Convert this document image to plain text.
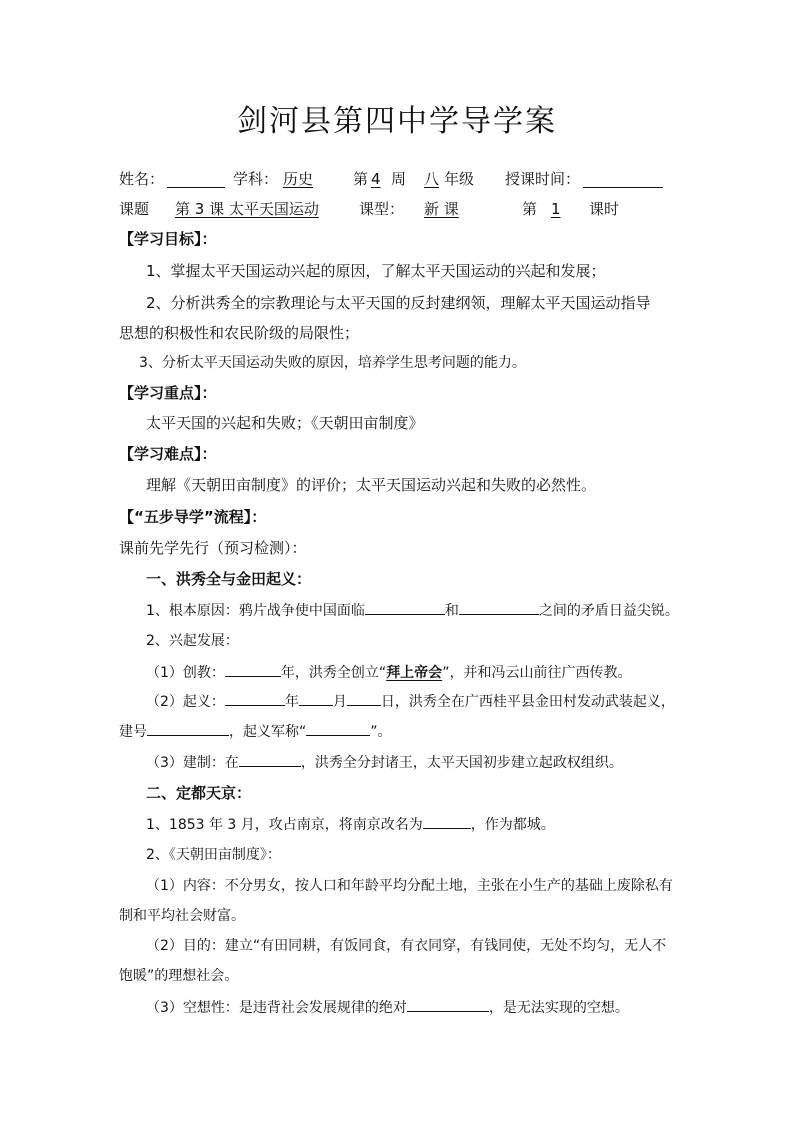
剑河县第四中学导学案
姓名：	学科： 历史	第 4 周 八 年级 授课时间：
课题 第 3 课 太平天国运动	课型： 新 课	第 1 课时
【学习目标】：
1、掌握太平天国运动兴起的原因，了解太平天国运动的兴起和发展；
2、分析洪秀全的宗教理论与太平天国的反封建纲领，理解太平天国运动指导
思想的积极性和农民阶级的局限性；
3、分析太平天国运动失败的原因，培养学生思考问题的能力。
【学习重点】：
太平天国的兴起和失败；《天朝田亩制度》
【学习难点】：
理解《天朝田亩制度》的评价；太平天国运动兴起和失败的必然性。
【“五步导学”流程】：
课前先学先行（预习检测）：
一、洪秀全与金田起义：
1、根本原因：鸦片战争使中国面临	和	之间的矛盾日益尖锐。
2、兴起发展：
（1）创教：	年，洪秀全创立“拜上帝会”，并和冯云山前往广西传教。
（2）起义：	年 月 日，洪秀全在广西桂平县金田村发动武装起义，
建号	，起义军称“	”。
（3）建制：在	，洪秀全分封诸王，太平天国初步建立起政权组织。
二、定都天京：
1、1853 年 3 月，攻占南京，将南京改名为	，作为都城。
2、《天朝田亩制度》：
（1）内容：不分男女，按人口和年龄平均分配土地，主张在小生产的基础上废除私有
制和平均社会财富。
（2）目的：建立“有田同耕，有饭同食，有衣同穿，有钱同使，无处不均匀，无人不
饱暖”的理想社会。
（3）空想性：是违背社会发展规律的绝对	，是无法实现的空想。
